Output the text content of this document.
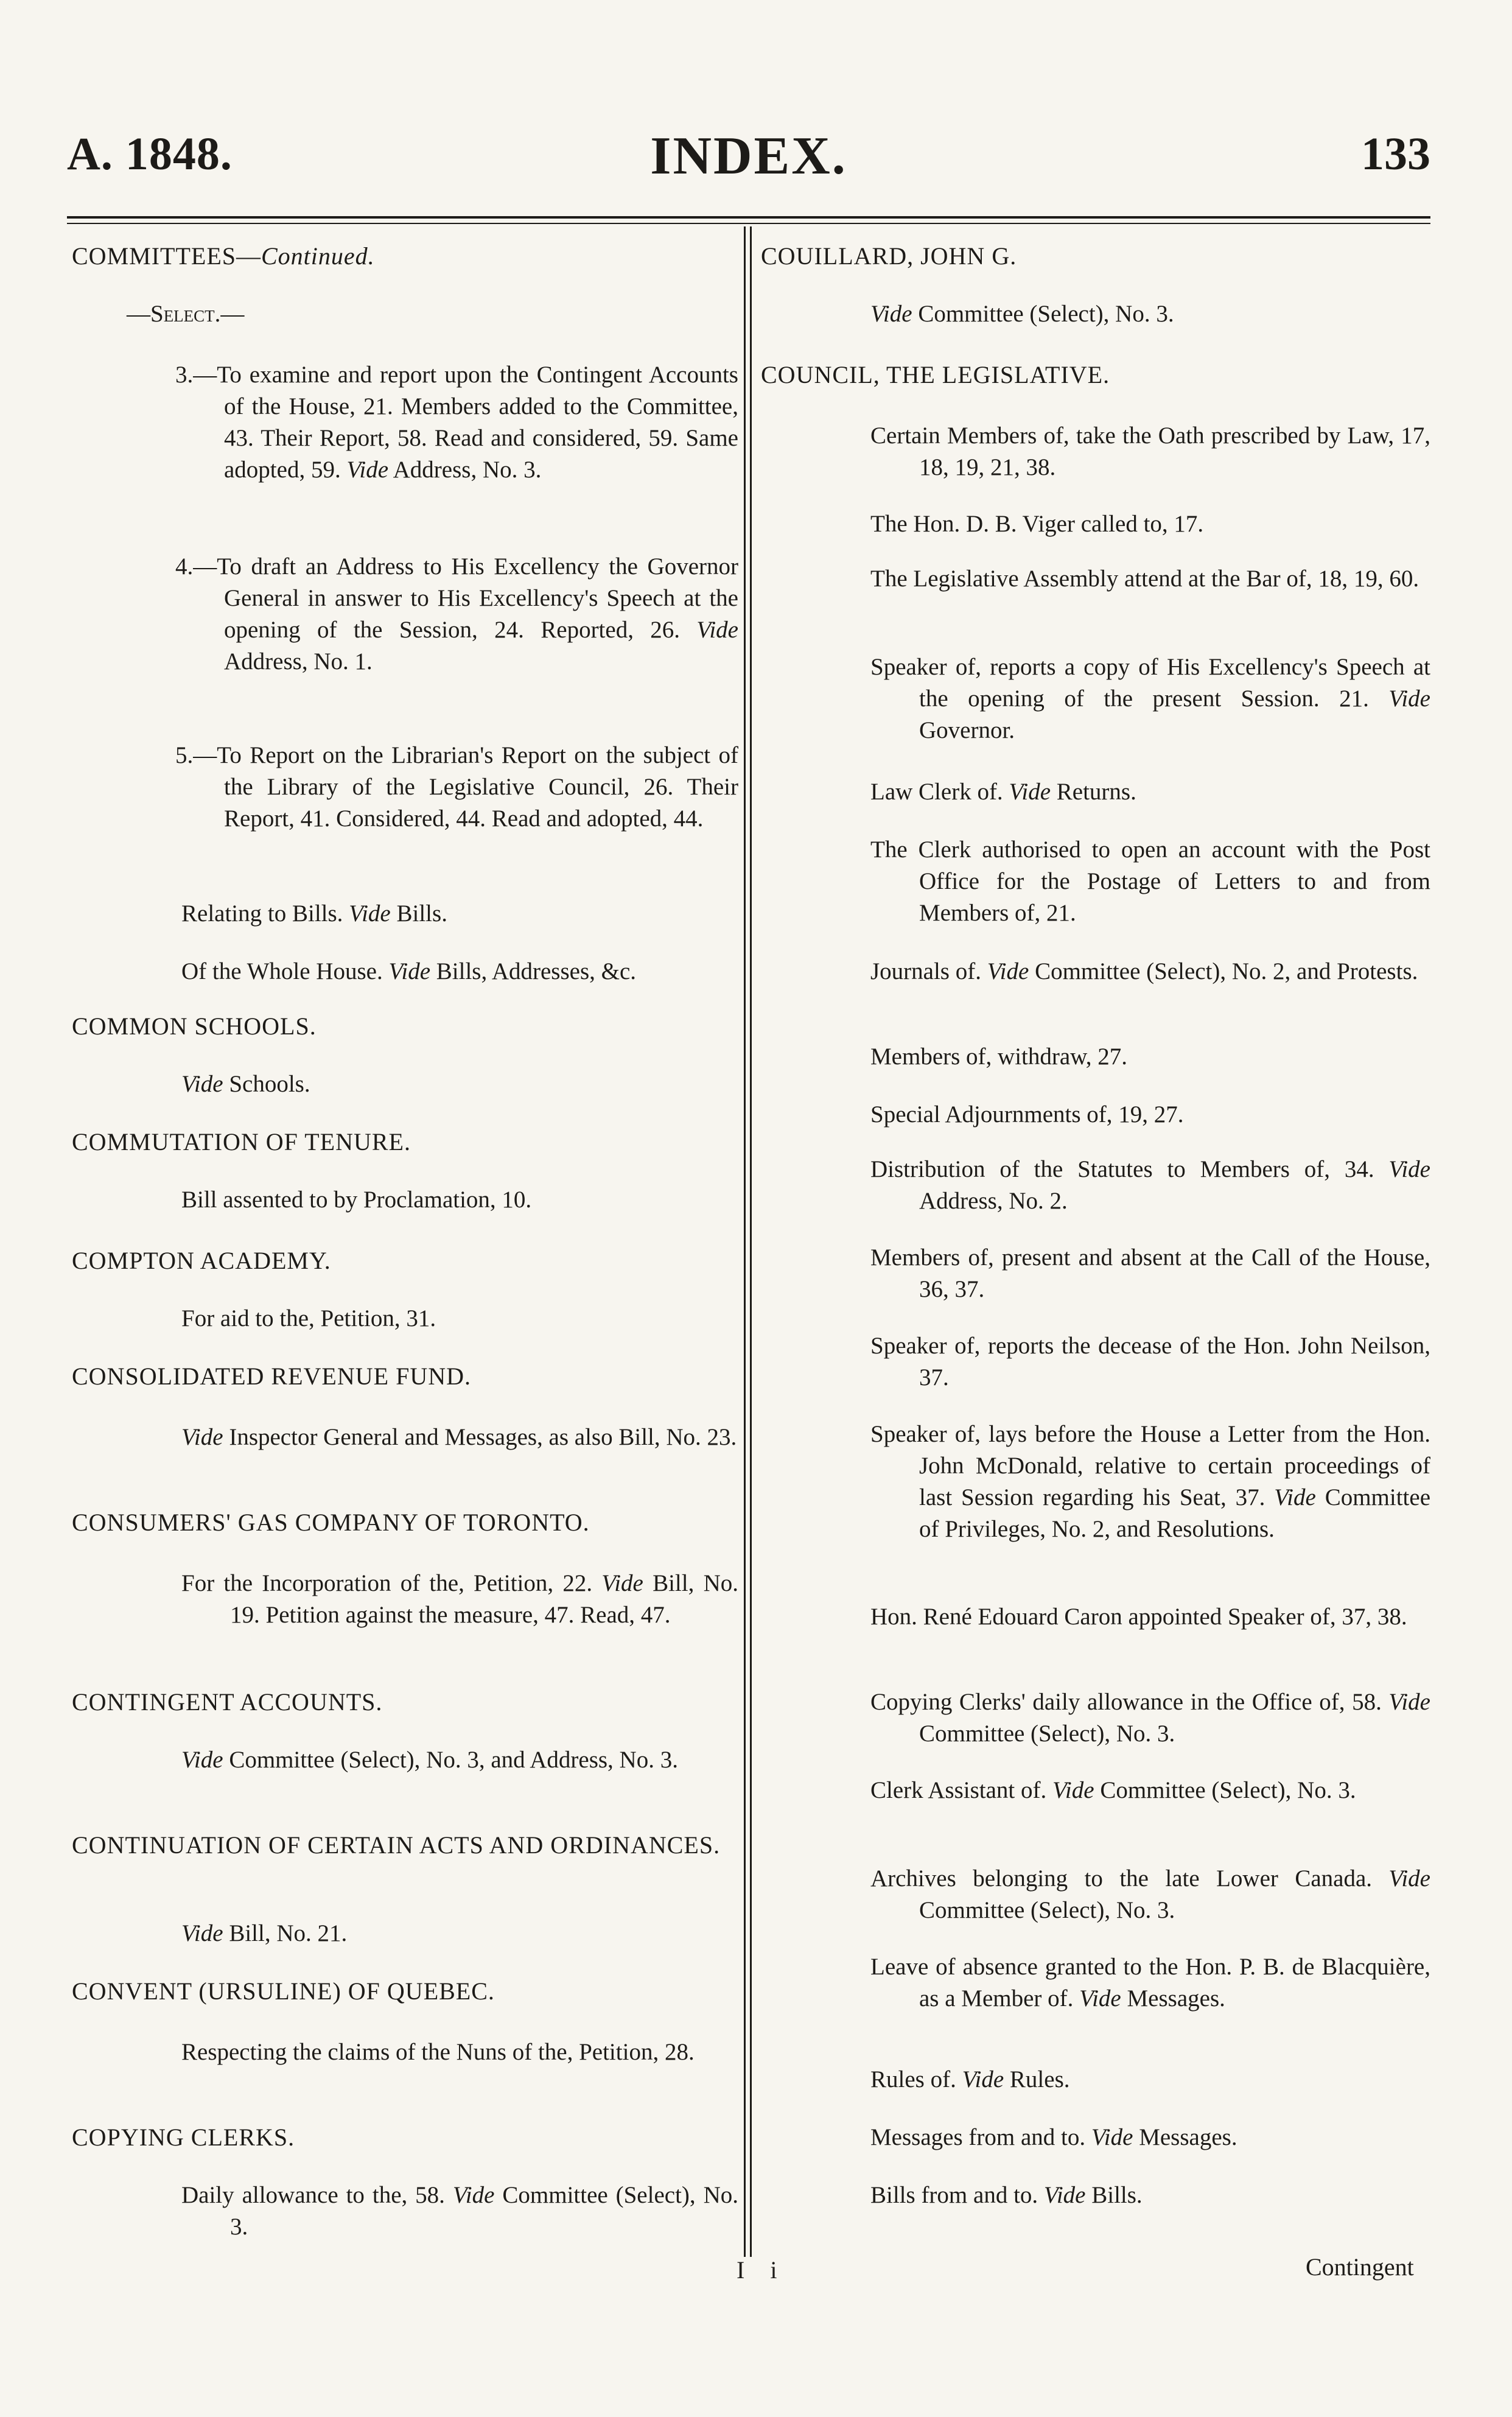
A. 1848.	INDEX.	133
COMMITTEES—Continued.
—Select.—
3.—To examine and report upon the Contingent Accounts of the House, 21. Members added to the Committee, 43. Their Report, 58. Read and considered, 59. Same adopted, 59. Vide Address, No. 3.
4.—To draft an Address to His Excellency the Governor General in answer to His Excellency's Speech at the opening of the Session, 24. Reported, 26. Vide Address, No. 1.
5.—To Report on the Librarian's Report on the subject of the Library of the Legislative Council, 26. Their Report, 41. Considered, 44. Read and adopted, 44.
Relating to Bills. Vide Bills.
Of the Whole House. Vide Bills, Addresses, &c.
COMMON SCHOOLS.
Vide Schools.
COMMUTATION OF TENURE.
Bill assented to by Proclamation, 10.
COMPTON ACADEMY.
For aid to the, Petition, 31.
CONSOLIDATED REVENUE FUND.
Vide Inspector General and Messages, as also Bill, No. 23.
CONSUMERS' GAS COMPANY OF TORONTO.
For the Incorporation of the, Petition, 22. Vide Bill, No. 19. Petition against the measure, 47. Read, 47.
CONTINGENT ACCOUNTS.
Vide Committee (Select), No. 3, and Address, No. 3.
CONTINUATION OF CERTAIN ACTS AND ORDINANCES.
Vide Bill, No. 21.
CONVENT (URSULINE) OF QUEBEC.
Respecting the claims of the Nuns of the, Petition, 28.
COPYING CLERKS.
Daily allowance to the, 58. Vide Committee (Select), No. 3.
COUILLARD, JOHN G.
Vide Committee (Select), No. 3.
COUNCIL, THE LEGISLATIVE.
Certain Members of, take the Oath prescribed by Law, 17, 18, 19, 21, 38.
The Hon. D. B. Viger called to, 17.
The Legislative Assembly attend at the Bar of, 18, 19, 60.
Speaker of, reports a copy of His Excellency's Speech at the opening of the present Session. 21. Vide Governor.
Law Clerk of. Vide Returns.
The Clerk authorised to open an account with the Post Office for the Postage of Letters to and from Members of, 21.
Journals of. Vide Committee (Select), No. 2, and Protests.
Members of, withdraw, 27.
Special Adjournments of, 19, 27.
Distribution of the Statutes to Members of, 34. Vide Address, No. 2.
Members of, present and absent at the Call of the House, 36, 37.
Speaker of, reports the decease of the Hon. John Neilson, 37.
Speaker of, lays before the House a Letter from the Hon. John McDonald, relative to certain proceedings of last Session regarding his Seat, 37. Vide Committee of Privileges, No. 2, and Resolutions.
Hon. René Edouard Caron appointed Speaker of, 37, 38.
Copying Clerks' daily allowance in the Office of, 58. Vide Committee (Select), No. 3.
Clerk Assistant of. Vide Committee (Select), No. 3.
Archives belonging to the late Lower Canada. Vide Committee (Select), No. 3.
Leave of absence granted to the Hon. P. B. de Blacquière, as a Member of. Vide Messages.
Rules of. Vide Rules.
Messages from and to. Vide Messages.
Bills from and to. Vide Bills.
I i	Contingent
